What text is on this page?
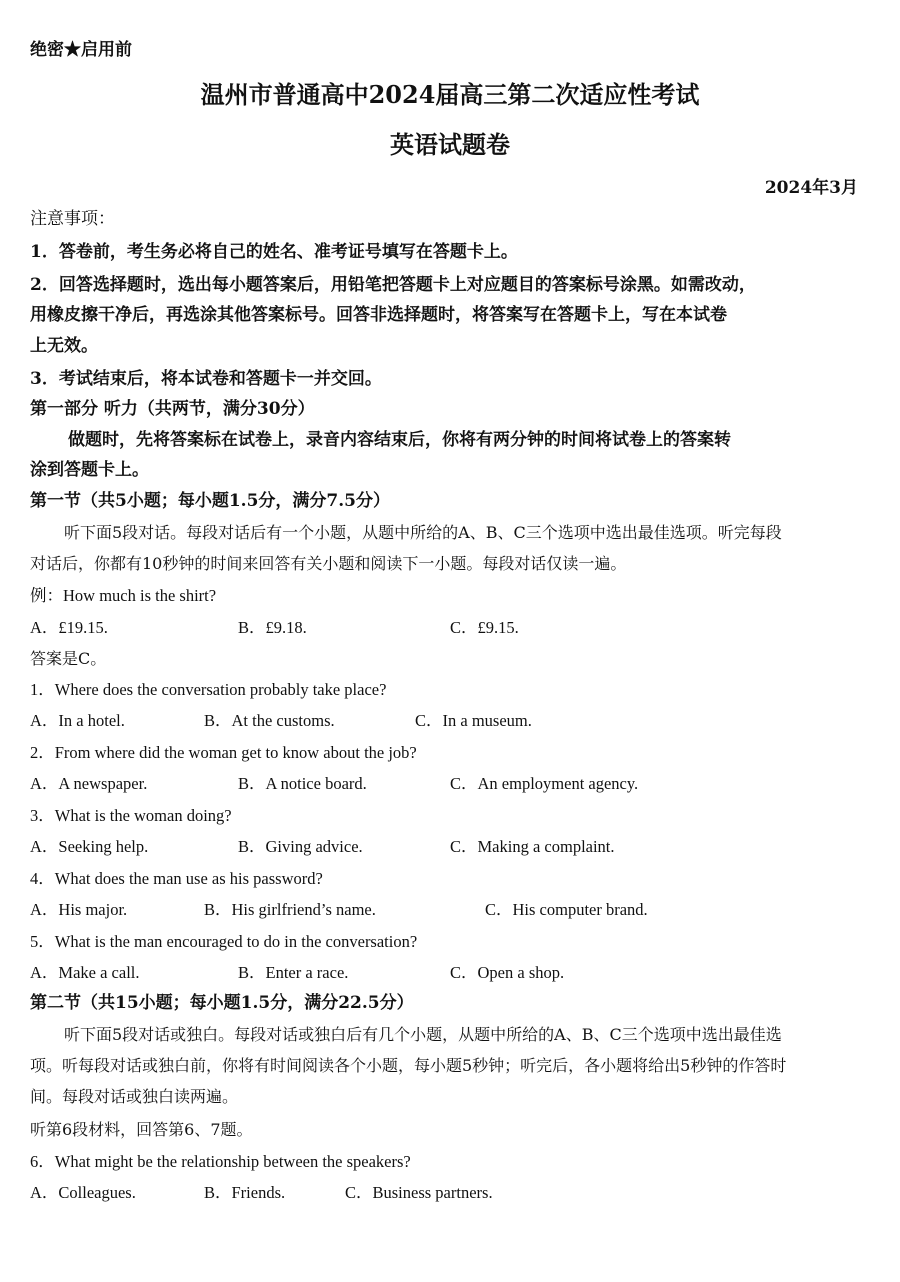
绝密★启用前
温州市普通高中2024届高三第二次适应性考试
英语试题卷
2024年3月
注意事项：
1．答卷前，考生务必将自己的姓名、准考证号填写在答题卡上。
2．回答选择题时，选出每小题答案后，用铅笔把答题卡上对应题目的答案标号涂黑。如需改动，
用橡皮擦干净后，再选涂其他答案标号。回答非选择题时，将答案写在答题卡上，写在本试卷
上无效。
3．考试结束后，将本试卷和答题卡一并交回。
第一部分 听力（共两节，满分30分）
做题时，先将答案标在试卷上，录音内容结束后，你将有两分钟的时间将试卷上的答案转
涂到答题卡上。
第一节（共5小题；每小题1.5分，满分7.5分）
听下面5段对话。每段对话后有一个小题，从题中所给的A、B、C三个选项中选出最佳选项。听完每段
对话后，你都有10秒钟的时间来回答有关小题和阅读下一小题。每段对话仅读一遍。
例：How much is the shirt?
A．£19.15.	B．£9.18.	C．£9.15.
答案是C。
1．Where does the conversation probably take place?
A．In a hotel.	B．At the customs.	C．In a museum.
2．From where did the woman get to know about the job?
A．A newspaper.	B．A notice board.	C．An employment agency.
3．What is the woman doing?
A．Seeking help.	B．Giving advice.	C．Making a complaint.
4．What does the man use as his password?
A．His major.	B．His girlfriend’s name.	C．His computer brand.
5．What is the man encouraged to do in the conversation?
A．Make a call.	B．Enter a race.	C．Open a shop.
第二节（共15小题；每小题1.5分，满分22.5分）
听下面5段对话或独白。每段对话或独白后有几个小题，从题中所给的A、B、C三个选项中选出最佳选
项。听每段对话或独白前，你将有时间阅读各个小题，每小题5秒钟；听完后，各小题将给出5秒钟的作答时
间。每段对话或独白读两遍。
听第6段材料，回答第6、7题。
6．What might be the relationship between the speakers?
A．Colleagues.	B．Friends.	C．Business partners.
